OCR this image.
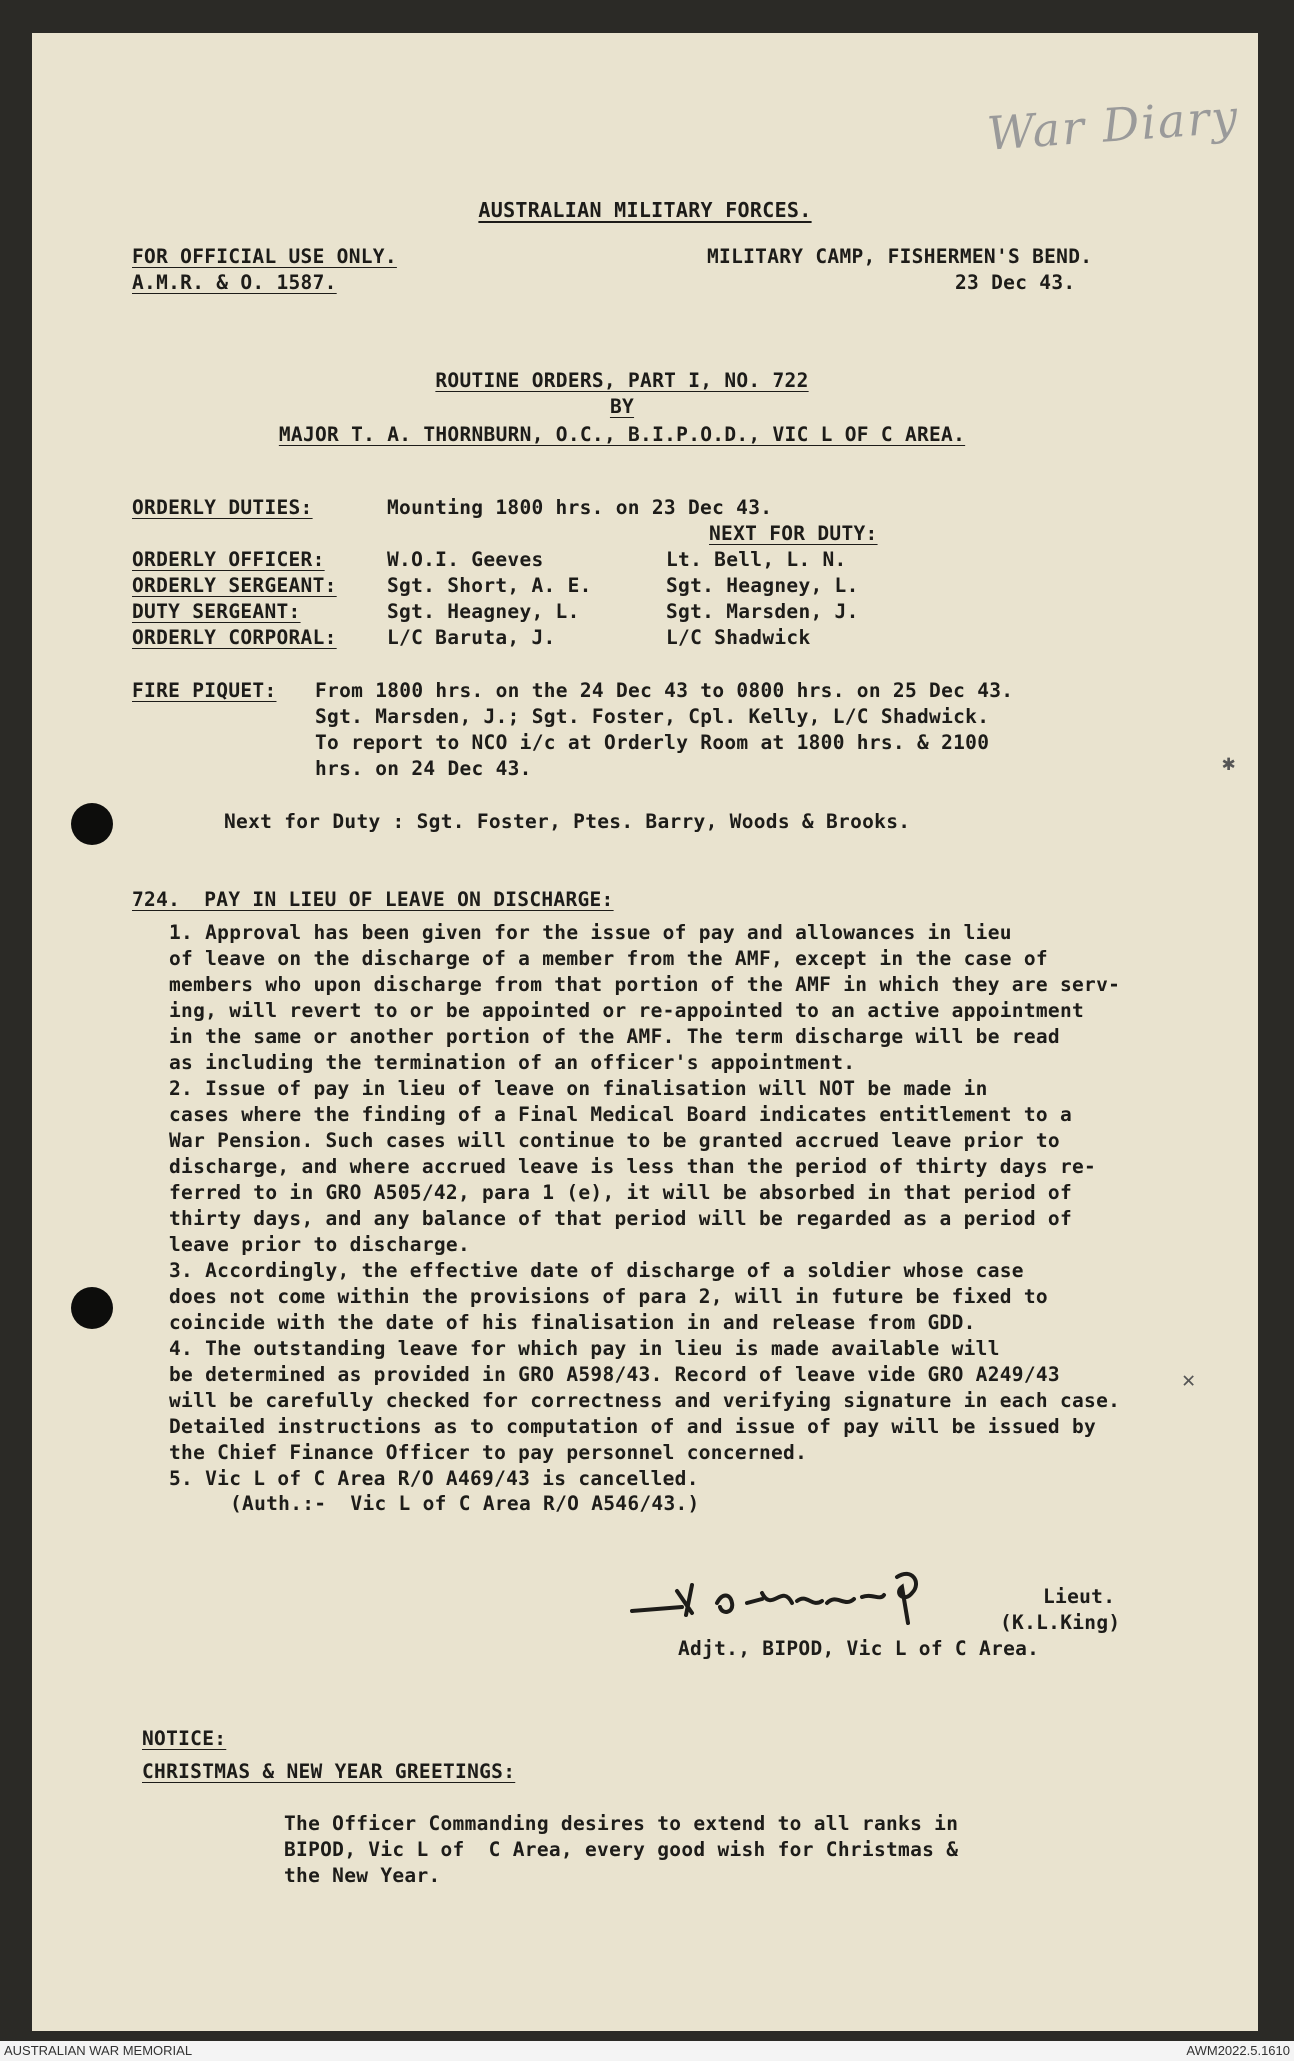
War Diary
AUSTRALIAN MILITARY FORCES.
FOR OFFICIAL USE ONLY.
A.M.R. & O. 1587.
MILITARY CAMP, FISHERMEN'S BEND.
23 Dec 43.
ROUTINE ORDERS, PART I, NO. 722
BY
MAJOR T. A. THORNBURN, O.C., B.I.P.O.D., VIC L OF C AREA.
ORDERLY DUTIES:	Mounting 1800 hrs. on 23 Dec 43.
NEXT FOR DUTY:
ORDERLY OFFICER:	W.O.I. Geeves	Lt. Bell, L. N.
ORDERLY SERGEANT:	Sgt. Short, A. E.	Sgt. Heagney, L.
DUTY SERGEANT:	Sgt. Heagney, L.	Sgt. Marsden, J.
ORDERLY CORPORAL:	L/C Baruta, J.	L/C Shadwick
FIRE PIQUET: From 1800 hrs. on the 24 Dec 43 to 0800 hrs. on 25 Dec 43.
Sgt. Marsden, J.; Sgt. Foster, Cpl. Kelly, L/C Shadwick.
To report to NCO i/c at Orderly Room at 1800 hrs. & 2100
hrs. on 24 Dec 43.
Next for Duty : Sgt. Foster, Ptes. Barry, Woods & Brooks.
724.  PAY IN LIEU OF LEAVE ON DISCHARGE:
1. Approval has been given for the issue of pay and allowances in lieu
of leave on the discharge of a member from the AMF, except in the case of
members who upon discharge from that portion of the AMF in which they are serv-
ing, will revert to or be appointed or re-appointed to an active appointment
in the same or another portion of the AMF. The term discharge will be read
as including the termination of an officer's appointment.
2. Issue of pay in lieu of leave on finalisation will NOT be made in
cases where the finding of a Final Medical Board indicates entitlement to a
War Pension. Such cases will continue to be granted accrued leave prior to
discharge, and where accrued leave is less than the period of thirty days re-
ferred to in GRO A505/42, para 1 (e), it will be absorbed in that period of
thirty days, and any balance of that period will be regarded as a period of
leave prior to discharge.
3. Accordingly, the effective date of discharge of a soldier whose case
does not come within the provisions of para 2, will in future be fixed to
coincide with the date of his finalisation in and release from GDD.
4. The outstanding leave for which pay in lieu is made available will
be determined as provided in GRO A598/43. Record of leave vide GRO A249/43
will be carefully checked for correctness and verifying signature in each case.
Detailed instructions as to computation of and issue of pay will be issued by
the Chief Finance Officer to pay personnel concerned.
5. Vic L of C Area R/O A469/43 is cancelled.
(Auth.:-  Vic L of C Area R/O A546/43.)
Lieut.
(K.L.King)
Adjt., BIPOD, Vic L of C Area.
NOTICE:
CHRISTMAS & NEW YEAR GREETINGS:
The Officer Commanding desires to extend to all ranks in
BIPOD, Vic L of  C Area, every good wish for Christmas &
the New Year.
✱
✕
AUSTRALIAN WAR MEMORIAL	AWM2022.5.1610
